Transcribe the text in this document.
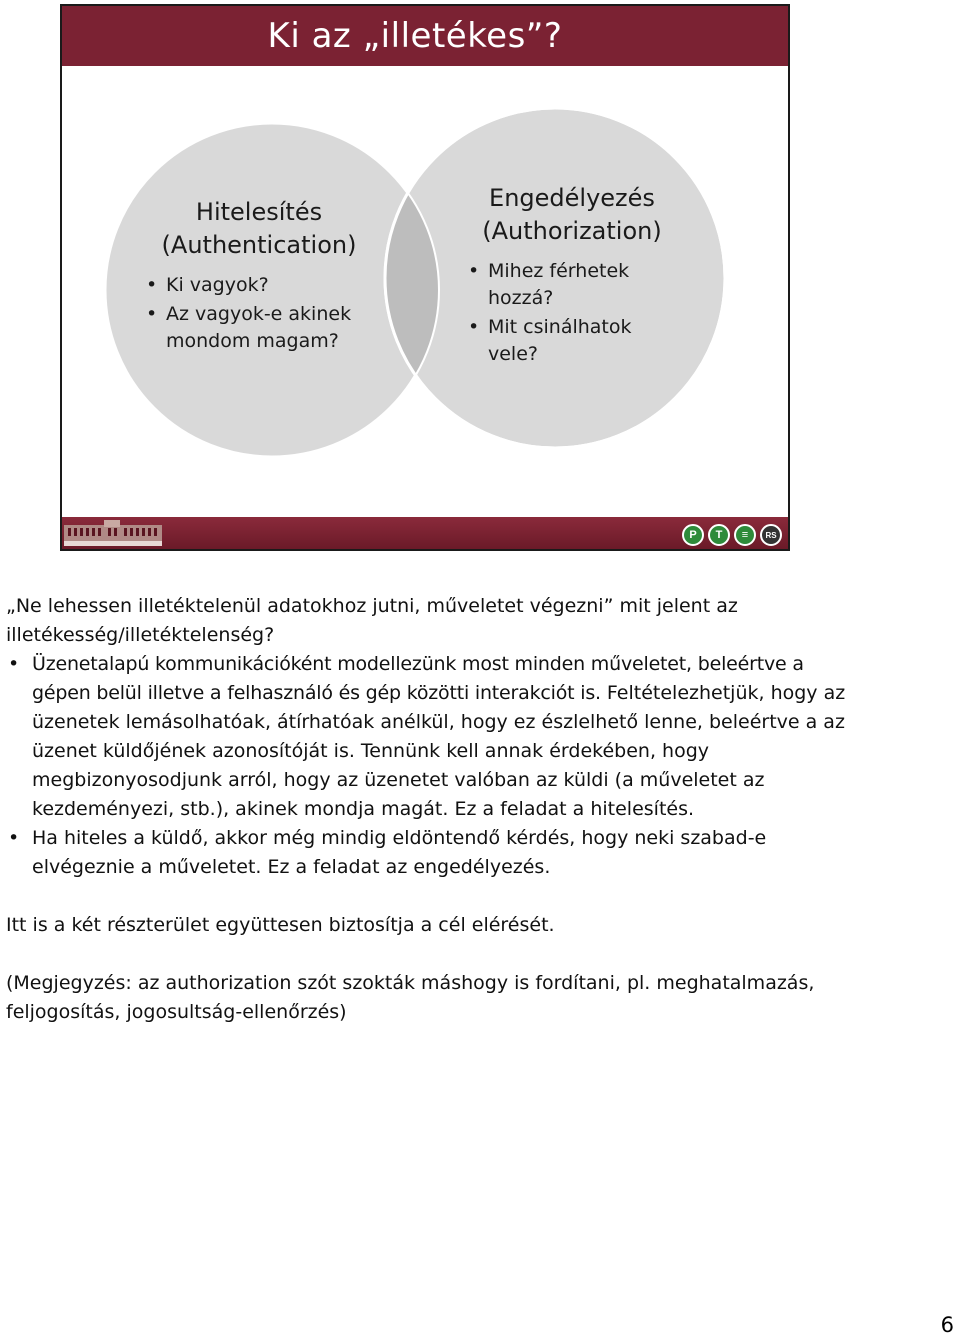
Ki az „illetékes”?
Hitelesítés
(Authentication)
• Ki vagyok?
• Az vagyok-e akinek mondom magam?
Engedélyezés
(Authorization)
• Mihez férhetek hozzá?
• Mit csinálhatok vele?
P	T	≡	RS

„Ne lehessen illetéktelenül adatokhoz jutni, műveletet végezni” mit jelent az illetékesség/illetéktelenség?

• Üzenetalapú kommunikációként modellezünk most minden műveletet, beleértve a gépen belül illetve a felhasználó és gép közötti interakciót is. Feltételezhetjük, hogy az üzenetek lemásolhatóak, átírhatóak anélkül, hogy ez észlelhető lenne, beleértve a az üzenet küldőjének azonosítóját is. Tennünk kell annak érdekében, hogy megbizonyosodjunk arról, hogy az üzenetet valóban az küldi (a műveletet az kezdeményezi, stb.), akinek mondja magát. Ez a feladat a hitelesítés.
• Ha hiteles a küldő, akkor még mindig eldöntendő kérdés, hogy neki szabad-e elvégeznie a műveletet. Ez a feladat az engedélyezés.

Itt is a két részterület együttesen biztosítja a cél elérését.

(Megjegyzés: az authorization szót szokták máshogy is fordítani, pl. meghatalmazás, feljogosítás, jogosultság-ellenőrzés)

6
